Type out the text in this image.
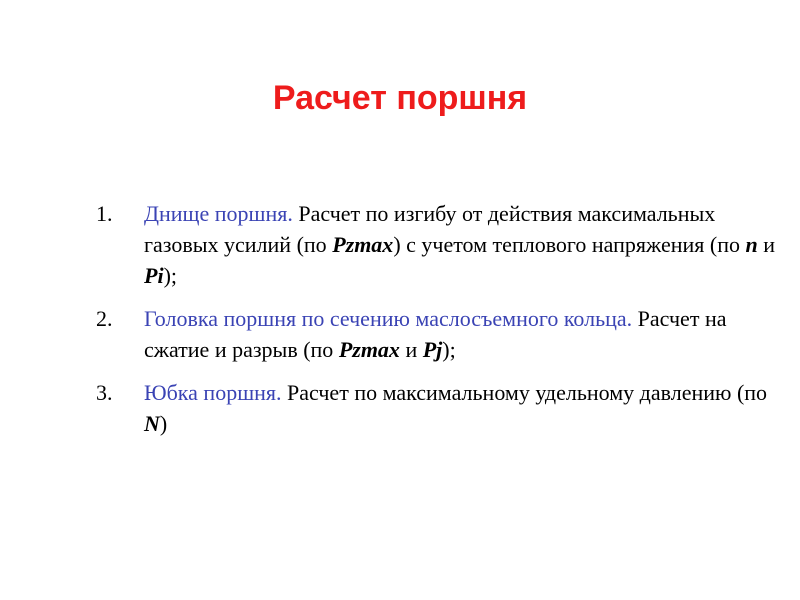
Расчет поршня
1.	Днище поршня. Расчет по изгибу от действия максимальных газовых усилий (по Pzmax) с учетом теплового напряжения (по n и Pi);
2.	Головка поршня по сечению маслосъемного кольца. Расчет на сжатие и разрыв (по Pzmax и Pj);
3.	Юбка поршня. Расчет по максимальному удельному давлению (по N)
